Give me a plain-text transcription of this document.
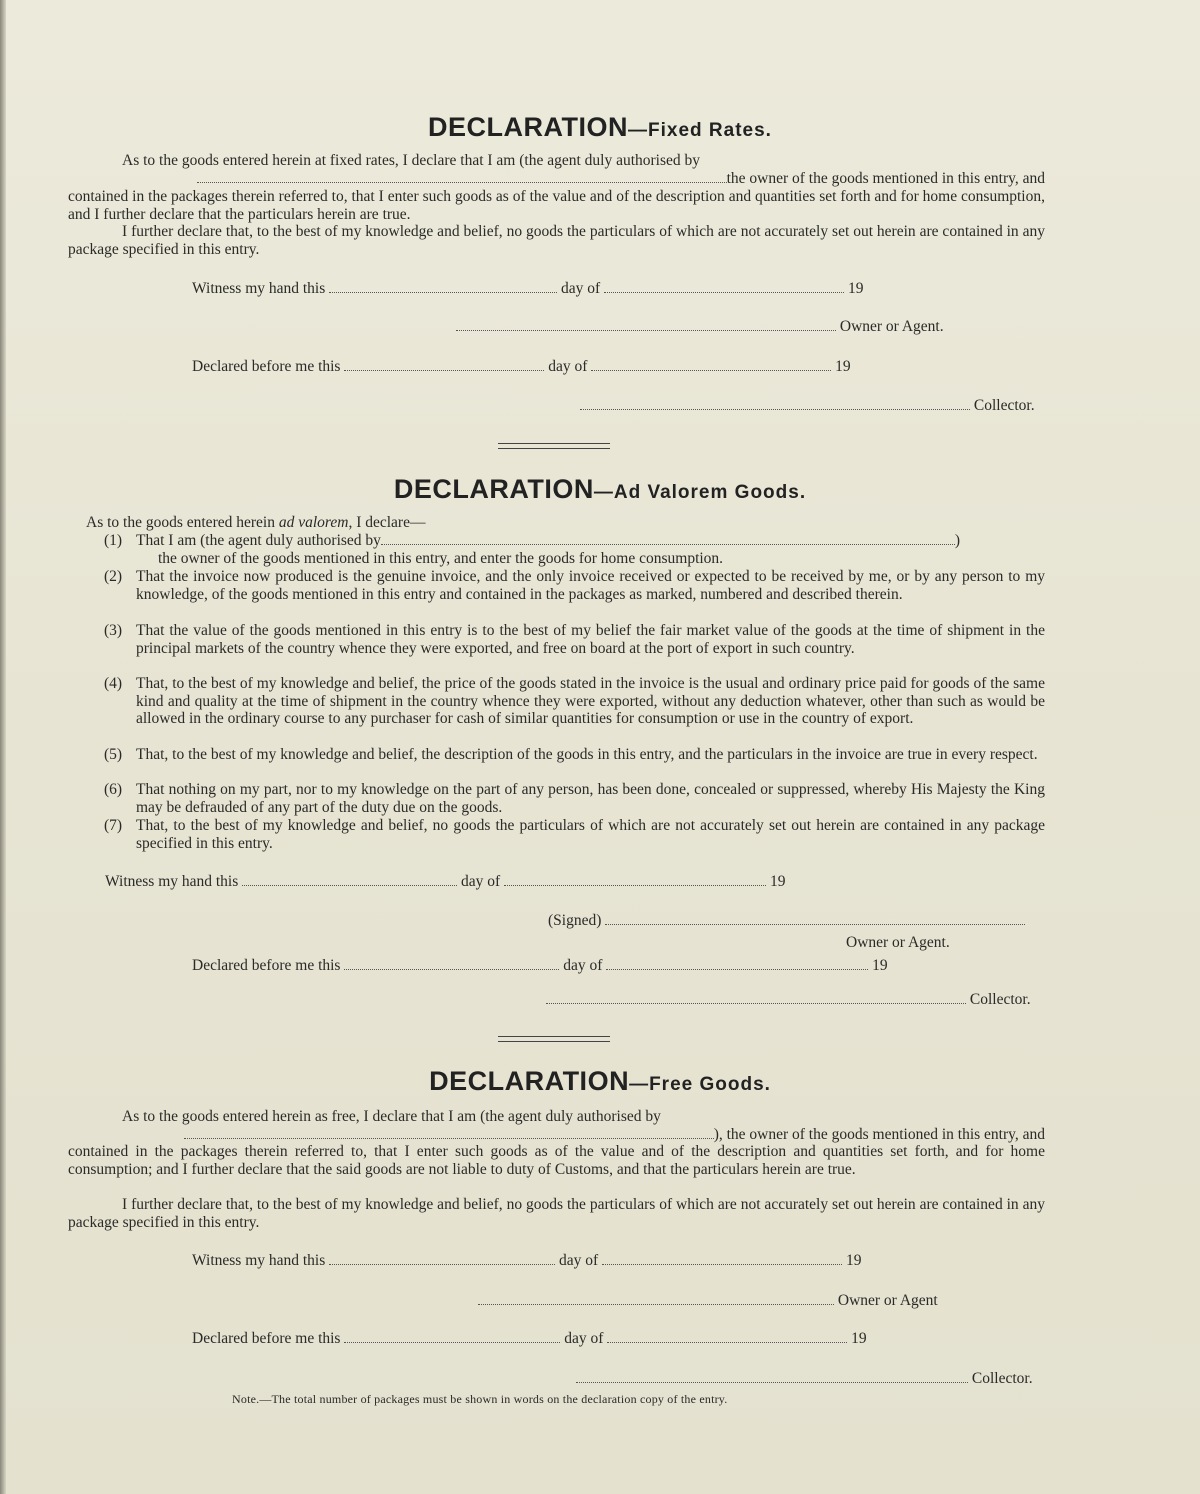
DECLARATION—Fixed Rates.
As to the goods entered herein at fixed rates, I declare that I am (the agent duly authorised by
the owner of the goods mentioned in this entry, and
contained in the packages therein referred to, that I enter such goods as of the value and of the description and quantities set forth and for home consumption, and I further declare that the particulars herein are true.
I further declare that, to the best of my knowledge and belief, no goods the particulars of which are not accurately set out herein are contained in any package specified in this entry.
Witness my hand this	day of	19
Owner or Agent.
Declared before me this	day of	19
Collector.
DECLARATION—Ad Valorem Goods.
As to the goods entered herein ad valorem, I declare—
(1) That I am (the agent duly authorised by	)
the owner of the goods mentioned in this entry, and enter the goods for home consumption.
(2) That the invoice now produced is the genuine invoice, and the only invoice received or expected to be received by me, or by any person to my knowledge, of the goods mentioned in this entry and contained in the packages as marked, numbered and described therein.
(3) That the value of the goods mentioned in this entry is to the best of my belief the fair market value of the goods at the time of shipment in the principal markets of the country whence they were exported, and free on board at the port of export in such country.
(4) That, to the best of my knowledge and belief, the price of the goods stated in the invoice is the usual and ordinary price paid for goods of the same kind and quality at the time of shipment in the country whence they were exported, without any deduction whatever, other than such as would be allowed in the ordinary course to any purchaser for cash of similar quantities for consumption or use in the country of export.
(5) That, to the best of my knowledge and belief, the description of the goods in this entry, and the particulars in the invoice are true in every respect.
(6) That nothing on my part, nor to my knowledge on the part of any person, has been done, concealed or suppressed, whereby His Majesty the King may be defrauded of any part of the duty due on the goods.
(7) That, to the best of my knowledge and belief, no goods the particulars of which are not accurately set out herein are contained in any package specified in this entry.
Witness my hand this	day of	19
(Signed)
Owner or Agent.
Declared before me this	day of	19
Collector.
DECLARATION—Free Goods.
As to the goods entered herein as free, I declare that I am (the agent duly authorised by
), the owner of the goods mentioned in this entry, and
contained in the packages therein referred to, that I enter such goods as of the value and of the description and quantities set forth, and for home consumption; and I further declare that the said goods are not liable to duty of Customs, and that the particulars herein are true.
I further declare that, to the best of my knowledge and belief, no goods the particulars of which are not accurately set out herein are contained in any package specified in this entry.
Witness my hand this	day of	19
Owner or Agent
Declared before me this	day of	19
Collector.
Note.—The total number of packages must be shown in words on the declaration copy of the entry.
